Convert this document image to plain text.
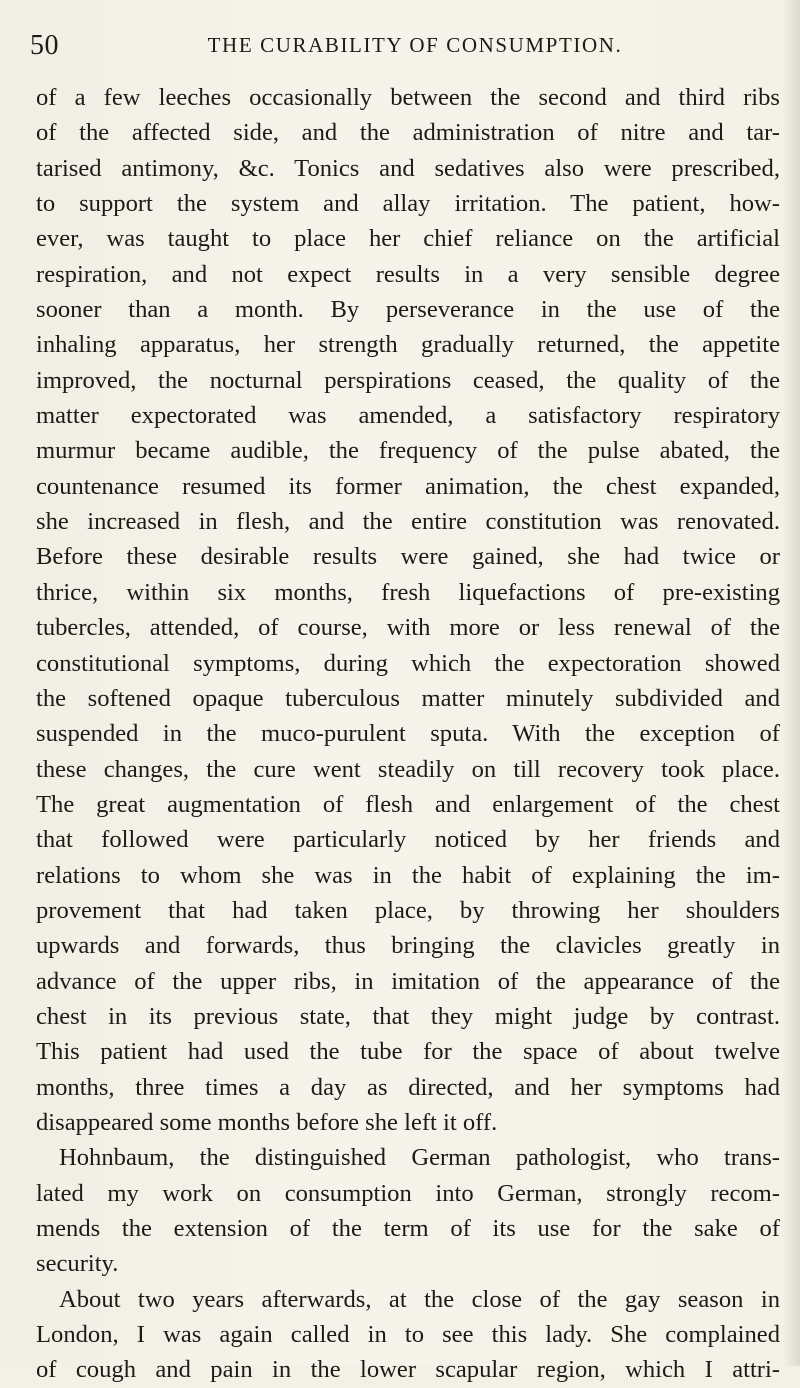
50	THE CURABILITY OF CONSUMPTION.
of a few leeches occasionally between the second and third ribs
of the affected side, and the administration of nitre and tar-
tarised antimony, &c. Tonics and sedatives also were prescribed,
to support the system and allay irritation. The patient, how-
ever, was taught to place her chief reliance on the artificial
respiration, and not expect results in a very sensible degree
sooner than a month. By perseverance in the use of the
inhaling apparatus, her strength gradually returned, the appetite
improved, the nocturnal perspirations ceased, the quality of the
matter expectorated was amended, a satisfactory respiratory
murmur became audible, the frequency of the pulse abated, the
countenance resumed its former animation, the chest expanded,
she increased in flesh, and the entire constitution was renovated.
Before these desirable results were gained, she had twice or
thrice, within six months, fresh liquefactions of pre-existing
tubercles, attended, of course, with more or less renewal of the
constitutional symptoms, during which the expectoration showed
the softened opaque tuberculous matter minutely subdivided and
suspended in the muco-purulent sputa. With the exception of
these changes, the cure went steadily on till recovery took place.
The great augmentation of flesh and enlargement of the chest
that followed were particularly noticed by her friends and
relations to whom she was in the habit of explaining the im-
provement that had taken place, by throwing her shoulders
upwards and forwards, thus bringing the clavicles greatly in
advance of the upper ribs, in imitation of the appearance of the
chest in its previous state, that they might judge by contrast.
This patient had used the tube for the space of about twelve
months, three times a day as directed, and her symptoms had
disappeared some months before she left it off.
Hohnbaum, the distinguished German pathologist, who trans-
lated my work on consumption into German, strongly recom-
mends the extension of the term of its use for the sake of
security.
About two years afterwards, at the close of the gay season in
London, I was again called in to see this lady. She complained
of cough and pain in the lower scapular region, which I attri-
